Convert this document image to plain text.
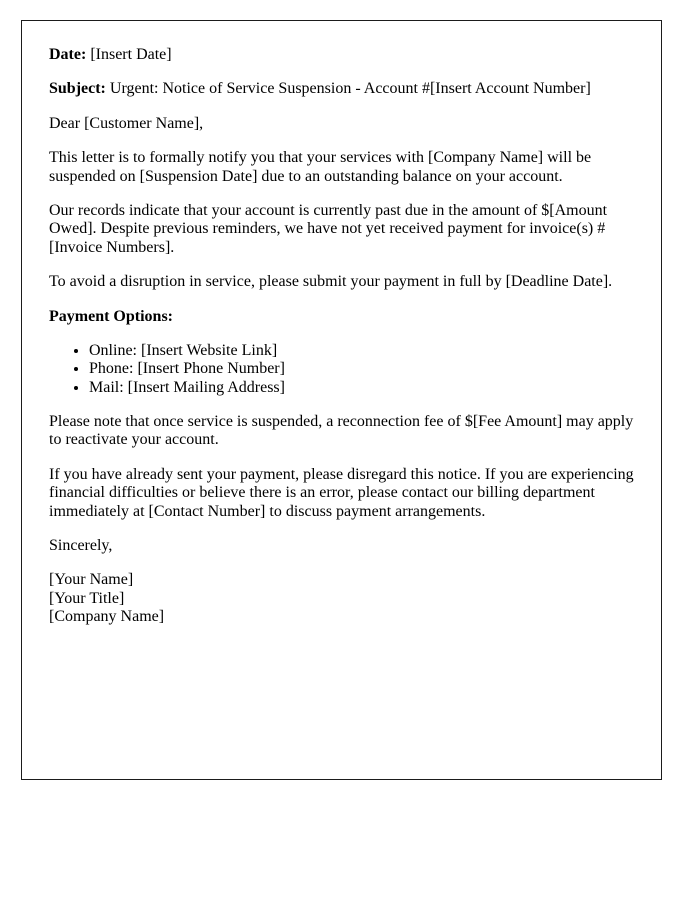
Date: [Insert Date]

Subject: Urgent: Notice of Service Suspension - Account #[Insert Account Number]

Dear [Customer Name],

This letter is to formally notify you that your services with [Company Name] will be suspended on [Suspension Date] due to an outstanding balance on your account.

Our records indicate that your account is currently past due in the amount of $[Amount Owed]. Despite previous reminders, we have not yet received payment for invoice(s) # [Invoice Numbers].

To avoid a disruption in service, please submit your payment in full by [Deadline Date].

Payment Options:

• Online: [Insert Website Link]
• Phone: [Insert Phone Number]
• Mail: [Insert Mailing Address]

Please note that once service is suspended, a reconnection fee of $[Fee Amount] may apply to reactivate your account.

If you have already sent your payment, please disregard this notice. If you are experiencing financial difficulties or believe there is an error, please contact our billing department immediately at [Contact Number] to discuss payment arrangements.

Sincerely,

[Your Name]
[Your Title]
[Company Name]
